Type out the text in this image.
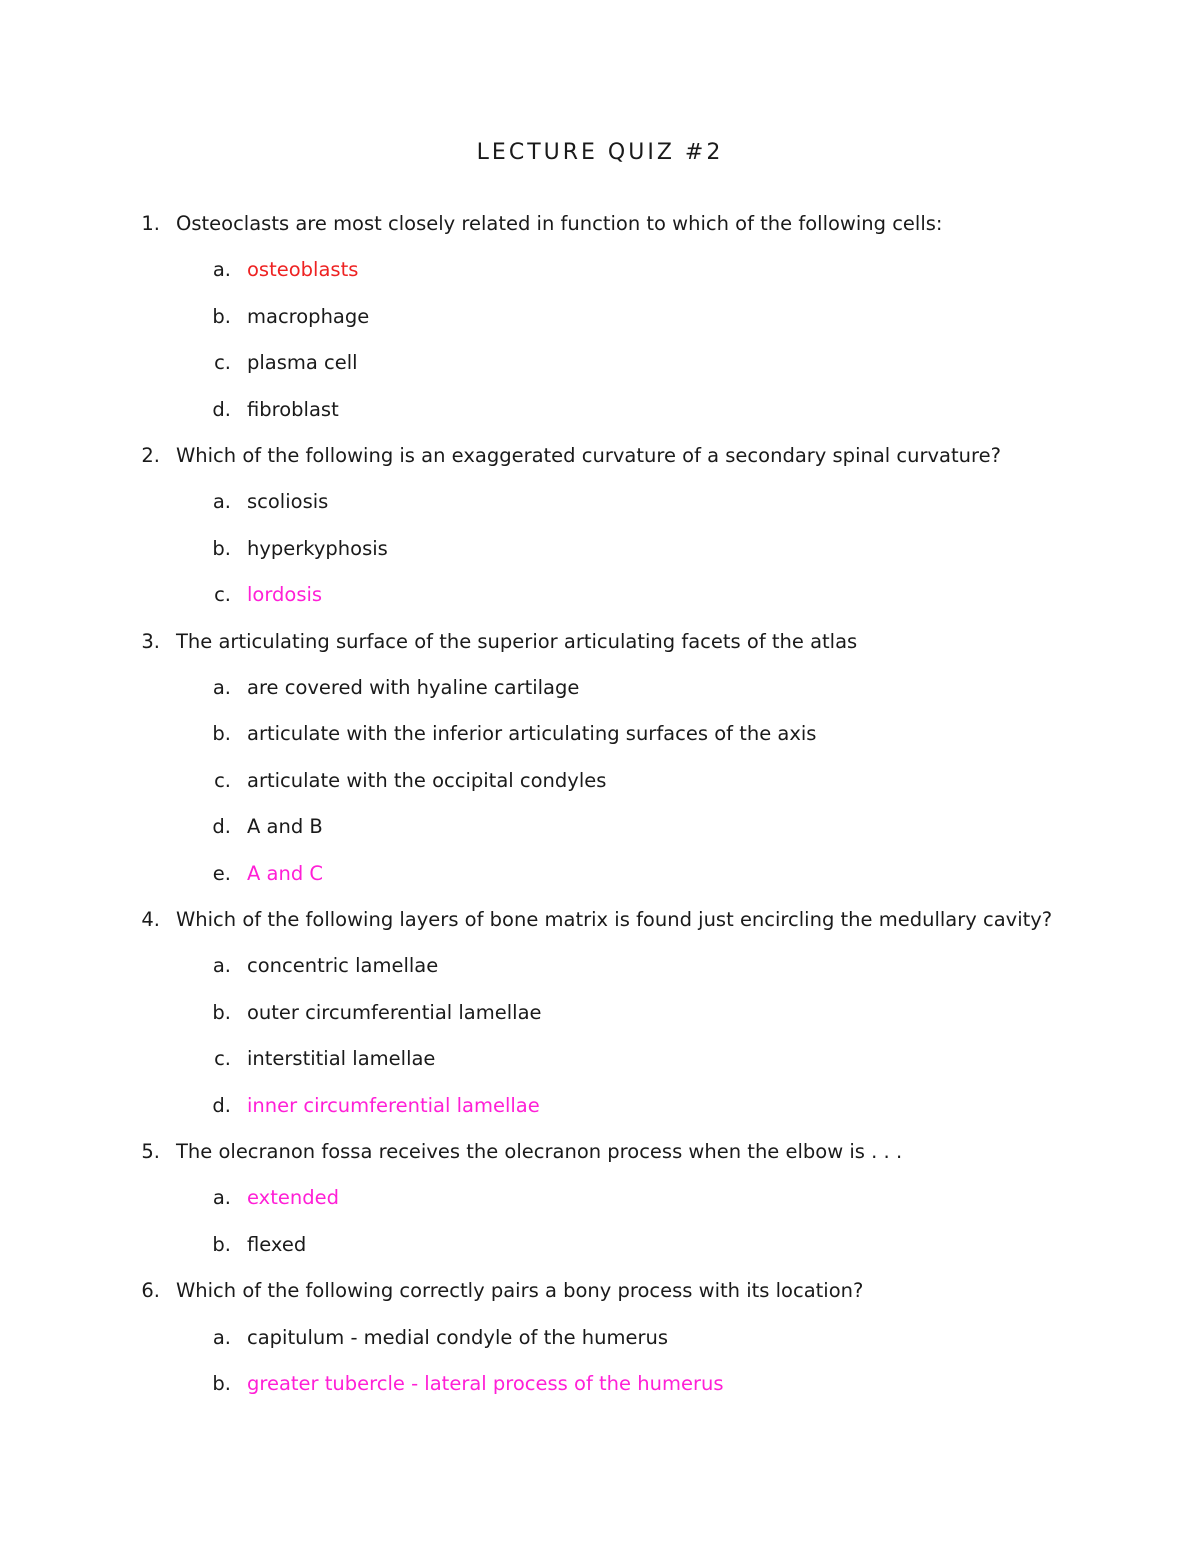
LECTURE QUIZ #2
1. Osteoclasts are most closely related in function to which of the following cells:
a. osteoblasts
b. macrophage
c. plasma cell
d. fibroblast
2. Which of the following is an exaggerated curvature of a secondary spinal curvature?
a. scoliosis
b. hyperkyphosis
c. lordosis
3. The articulating surface of the superior articulating facets of the atlas
a. are covered with hyaline cartilage
b. articulate with the inferior articulating surfaces of the axis
c. articulate with the occipital condyles
d. A and B
e. A and C
4. Which of the following layers of bone matrix is found just encircling the medullary cavity?
a. concentric lamellae
b. outer circumferential lamellae
c. interstitial lamellae
d. inner circumferential lamellae
5. The olecranon fossa receives the olecranon process when the elbow is . . .
a. extended
b. flexed
6. Which of the following correctly pairs a bony process with its location?
a. capitulum - medial condyle of the humerus
b. greater tubercle - lateral process of the humerus
